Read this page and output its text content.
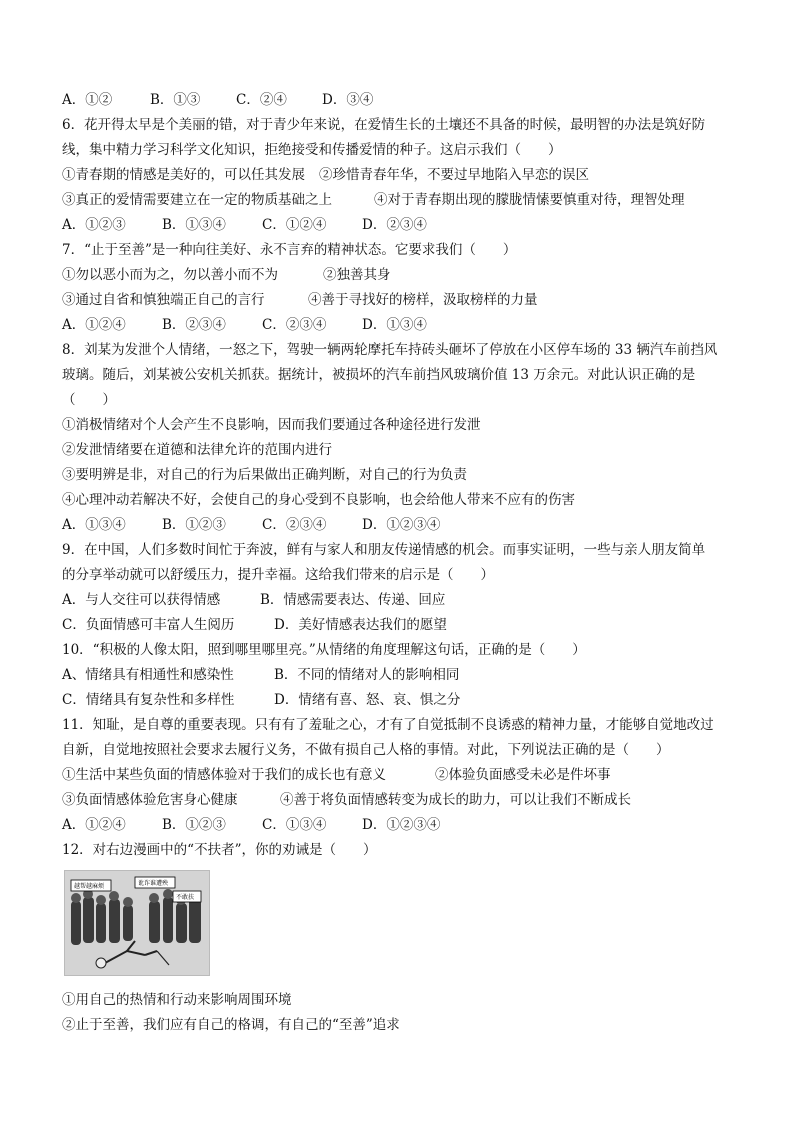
A．①②	B．①③	C．②④	D．③④
6．花开得太早是个美丽的错，对于青少年来说，在爱情生长的土壤还不具备的时候，最明智的办法是筑好防
线，集中精力学习科学文化知识，拒绝接受和传播爱情的种子。这启示我们（　　）
①青春期的情感是美好的，可以任其发展 ②珍惜青春年华，不要过早地陷入早恋的误区
③真正的爱情需要建立在一定的物质基础之上	④对于青春期出现的朦胧情愫要慎重对待，理智处理
A．①②③	B．①③④	C．①②④	D．②③④
7．“止于至善”是一种向往美好、永不言弃的精神状态。它要求我们（　　）
①勿以恶小而为之，勿以善小而不为	②独善其身
③通过自省和慎独端正自己的言行	④善于寻找好的榜样，汲取榜样的力量
A．①②④	B．②③④	C．②③④	D．①③④
8．刘某为发泄个人情绪，一怒之下，驾驶一辆两轮摩托车持砖头砸坏了停放在小区停车场的 33 辆汽车前挡风
玻璃。随后，刘某被公安机关抓获。据统计，被损坏的汽车前挡风玻璃价值 13 万余元。对此认识正确的是
（　　）
①消极情绪对个人会产生不良影响，因而我们要通过各种途径进行发泄
②发泄情绪要在道德和法律允许的范围内进行
③要明辨是非，对自己的行为后果做出正确判断，对自己的行为负责
④心理冲动若解决不好，会使自己的身心受到不良影响，也会给他人带来不应有的伤害
A．①③④	B．①②③	C．②③④	D．①②③④
9．在中国，人们多数时间忙于奔波，鲜有与家人和朋友传递情感的机会。而事实证明，一些与亲人朋友简单
的分享举动就可以舒缓压力，提升幸福。这给我们带来的启示是（　　）
A．与人交往可以获得情感	B．情感需要表达、传递、回应
C．负面情感可丰富人生阅历	D．美好情感表达我们的愿望
10．“积极的人像太阳，照到哪里哪里亮。”从情绪的角度理解这句话，正确的是（　　）
A、情绪具有相通性和感染性	B．不同的情绪对人的影响相同
C．情绪具有复杂性和多样性	D．情绪有喜、怒、哀、惧之分
11．知耻，是自尊的重要表现。只有有了羞耻之心，才有了自觉抵制不良诱惑的精神力量，才能够自觉地改过
自新，自觉地按照社会要求去履行义务，不做有损自己人格的事情。对此，下列说法正确的是（　　）
①生活中某些负面的情感体验对于我们的成长也有意义	②体验负面感受未必是件坏事
③负面情感体验危害身心健康	④善于将负面情感转变为成长的助力，可以让我们不断成长
A．①②④	B．①②③	C．①③④	D．①②③④
12．对右边漫画中的“不扶者”，你的劝诫是（　　）
越帮越麻烦	讹诈谁遭殃
不敢扶
①用自己的热情和行动来影响周围环境
②止于至善，我们应有自己的格调，有自己的“至善”追求
